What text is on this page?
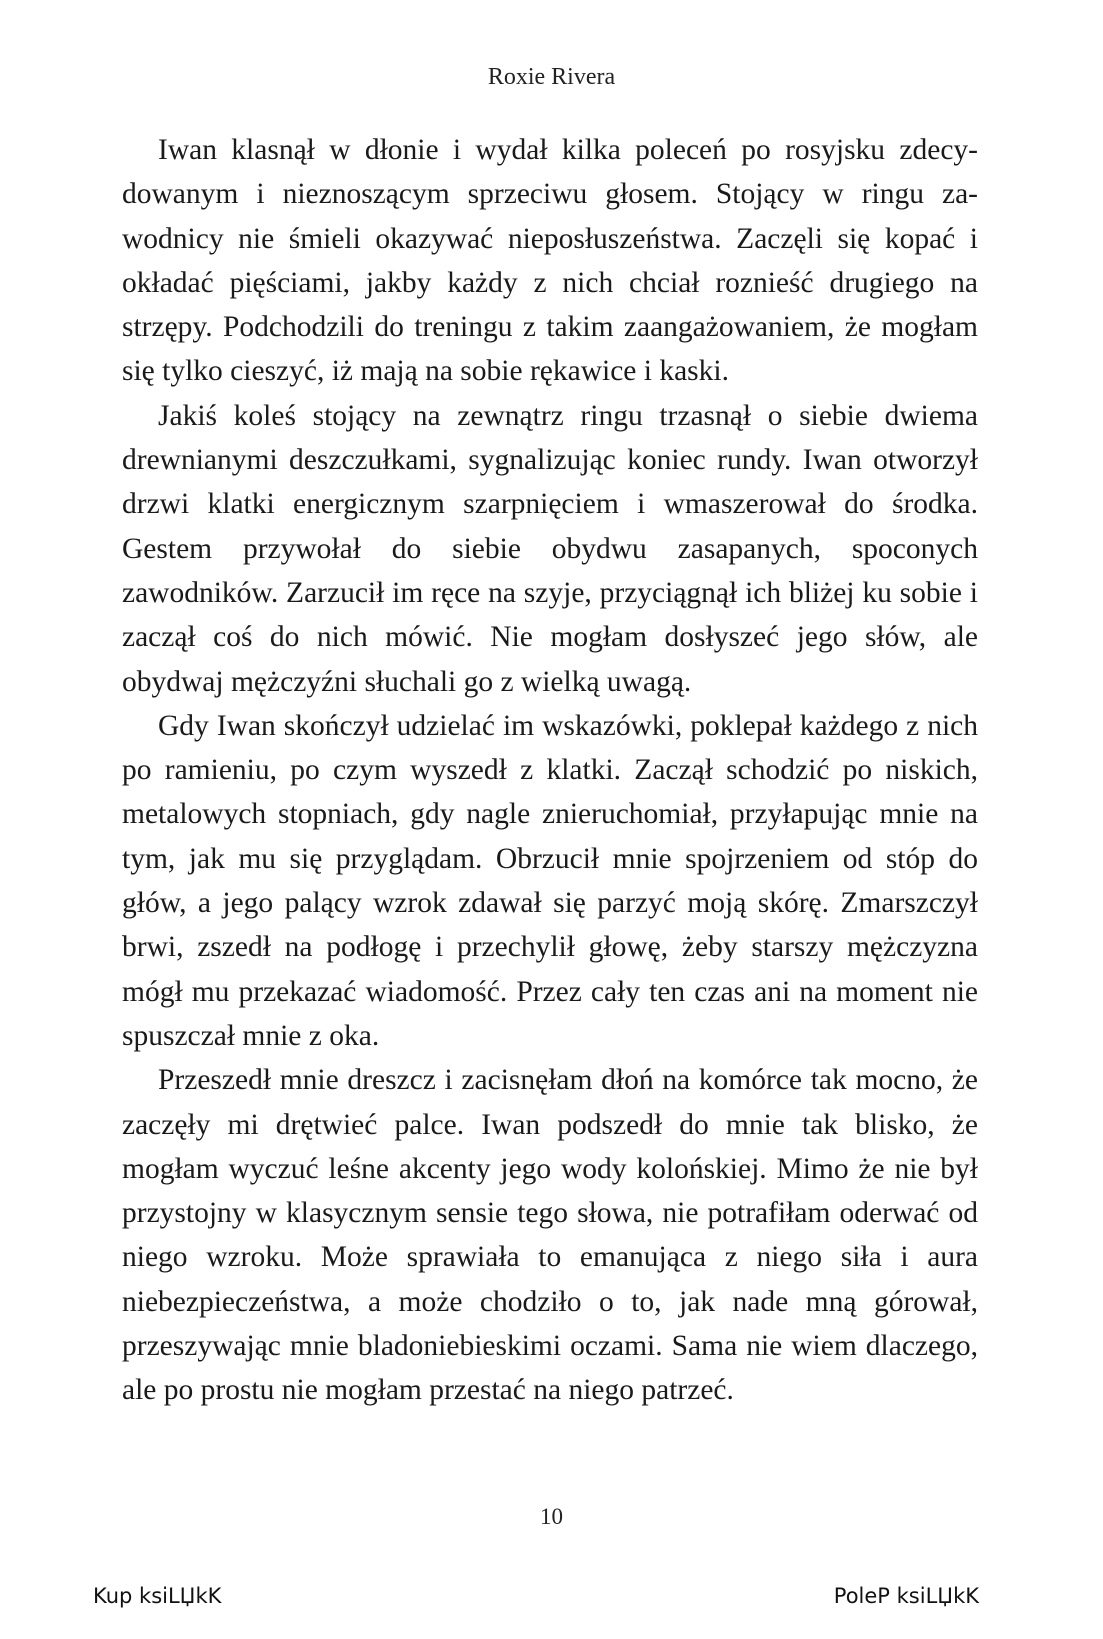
Roxie Rivera

Iwan klasnął w dłonie i wydał kilka poleceń po rosyjsku zdecydowanym i nieznoszącym sprzeciwu głosem. Stojący w ringu zawodnicy nie śmieli okazywać nieposłuszeństwa. Zaczęli się kopać i okładać pięściami, jakby każdy z nich chciał roznieść drugiego na strzępy. Podchodzili do treningu z takim zaangażowaniem, że mogłam się tylko cieszyć, iż mają na sobie rękawice i kaski.

Jakiś koleś stojący na zewnątrz ringu trzasnął o siebie dwiema drewnianymi deszczułkami, sygnalizując koniec rundy. Iwan otworzył drzwi klatki energicznym szarpnięciem i wmaszerował do środka. Gestem przywołał do siebie obydwu zasapanych, spoconych zawodników. Zarzucił im ręce na szyje, przyciągnął ich bliżej ku sobie i zaczął coś do nich mówić. Nie mogłam dosłyszeć jego słów, ale obydwaj mężczyźni słuchali go z wielką uwagą.

Gdy Iwan skończył udzielać im wskazówki, poklepał każdego z nich po ramieniu, po czym wyszedł z klatki. Zaczął schodzić po niskich, metalowych stopniach, gdy nagle znieruchomiał, przyłapując mnie na tym, jak mu się przyglądam. Obrzucił mnie spojrzeniem od stóp do głów, a jego palący wzrok zdawał się parzyć moją skórę. Zmarszczył brwi, zszedł na podłogę i przechylił głowę, żeby starszy mężczyzna mógł mu przekazać wiadomość. Przez cały ten czas ani na moment nie spuszczał mnie z oka.

Przeszedł mnie dreszcz i zacisnęłam dłoń na komórce tak mocno, że zaczęły mi drętwieć palce. Iwan podszedł do mnie tak blisko, że mogłam wyczuć leśne akcenty jego wody kolońskiej. Mimo że nie był przystojny w klasycznym sensie tego słowa, nie potrafiłam oderwać od niego wzroku. Może sprawiała to emanująca z niego siła i aura niebezpieczeństwa, a może chodziło o to, jak nade mną górował, przeszywając mnie bladoniebieskimi oczami. Sama nie wiem dlaczego, ale po prostu nie mogłam przestać na niego patrzeć.

10
Kup ksiLЏkK	PoleP ksiLЏkK
